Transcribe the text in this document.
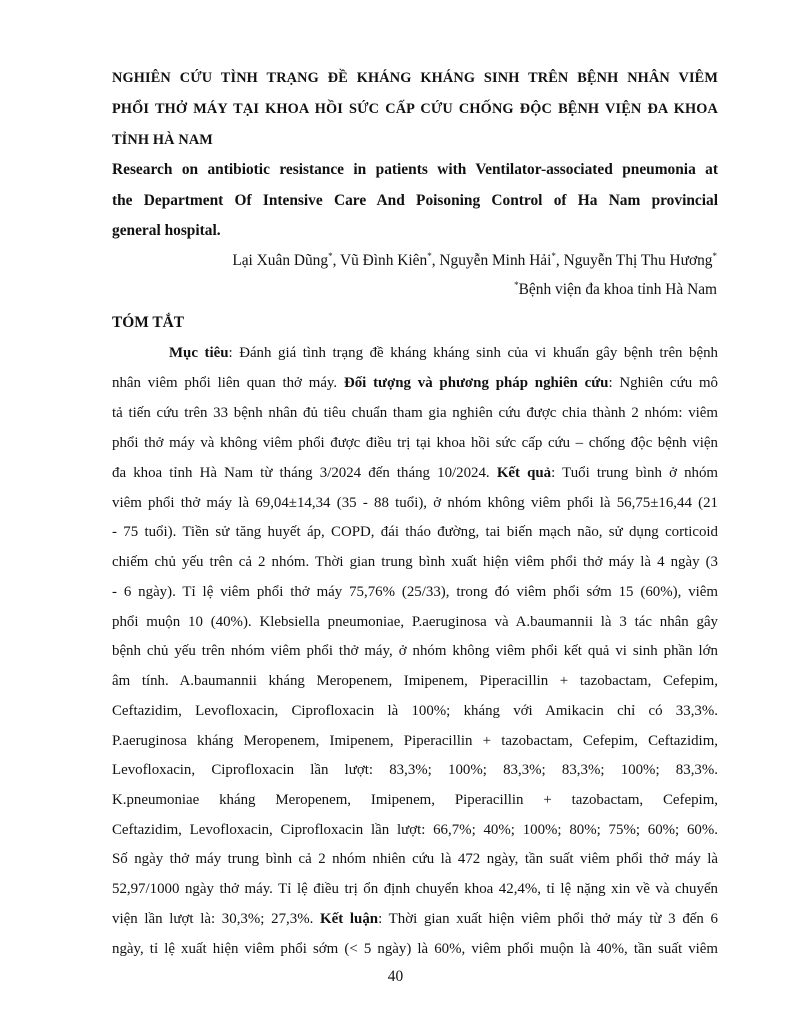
NGHIÊN CỨU TÌNH TRẠNG ĐỀ KHÁNG KHÁNG SINH TRÊN BỆNH NHÂN VIÊM
PHỔI THỞ MÁY TẠI KHOA HỒI SỨC CẤP CỨU CHỐNG ĐỘC BỆNH VIỆN ĐA KHOA
TỈNH HÀ NAM
Research on antibiotic resistance in patients with Ventilator-associated pneumonia at
the Department Of Intensive Care And Poisoning Control of Ha Nam provincial
general hospital.
Lại Xuân Dũng*, Vũ Đình Kiên*, Nguyễn Minh Hải*, Nguyễn Thị Thu Hương*
*Bệnh viện đa khoa tỉnh Hà Nam
TÓM TẮT
Mục tiêu: Đánh giá tình trạng đề kháng kháng sinh của vi khuẩn gây bệnh trên bệnh
nhân viêm phổi liên quan thở máy. Đối tượng và phương pháp nghiên cứu: Nghiên cứu mô
tả tiến cứu trên 33 bệnh nhân đủ tiêu chuẩn tham gia nghiên cứu được chia thành 2 nhóm: viêm
phổi thở máy và không viêm phổi được điều trị tại khoa hồi sức cấp cứu – chống độc bệnh viện
đa khoa tỉnh Hà Nam từ tháng 3/2024 đến tháng 10/2024. Kết quả: Tuổi trung bình ở nhóm
viêm phổi thở máy là 69,04±14,34 (35 - 88 tuổi), ở nhóm không viêm phổi là 56,75±16,44 (21
- 75 tuổi). Tiền sử tăng huyết áp, COPD, đái tháo đường, tai biến mạch não, sử dụng corticoid
chiếm chủ yếu trên cả 2 nhóm. Thời gian trung bình xuất hiện viêm phổi thở máy là 4 ngày (3
- 6 ngày). Tỉ lệ viêm phổi thở máy 75,76% (25/33), trong đó viêm phổi sớm 15 (60%), viêm
phổi muộn 10 (40%). Klebsiella pneumoniae, P.aeruginosa và A.baumannii là 3 tác nhân gây
bệnh chủ yếu trên nhóm viêm phổi thở máy, ở nhóm không viêm phổi kết quả vi sinh phần lớn
âm tính. A.baumannii kháng Meropenem, Imipenem, Piperacillin + tazobactam, Cefepim,
Ceftazidim, Levofloxacin, Ciprofloxacin là 100%; kháng với Amikacin chỉ có 33,3%.
P.aeruginosa kháng Meropenem, Imipenem, Piperacillin + tazobactam, Cefepim, Ceftazidim,
Levofloxacin, Ciprofloxacin lần lượt: 83,3%; 100%; 83,3%; 83,3%; 100%; 83,3%.
K.pneumoniae kháng Meropenem, Imipenem, Piperacillin + tazobactam, Cefepim,
Ceftazidim, Levofloxacin, Ciprofloxacin lần lượt: 66,7%; 40%; 100%; 80%; 75%; 60%; 60%.
Số ngày thở máy trung bình cả 2 nhóm nhiên cứu là 472 ngày, tần suất viêm phổi thở máy là
52,97/1000 ngày thở máy. Tỉ lệ điều trị ổn định chuyển khoa 42,4%, tỉ lệ nặng xin về và chuyển
viện lần lượt là: 30,3%; 27,3%. Kết luận: Thời gian xuất hiện viêm phổi thở máy từ 3 đến 6
ngày, tỉ lệ xuất hiện viêm phổi sớm (< 5 ngày) là 60%, viêm phổi muộn là 40%, tần suất viêm
40
